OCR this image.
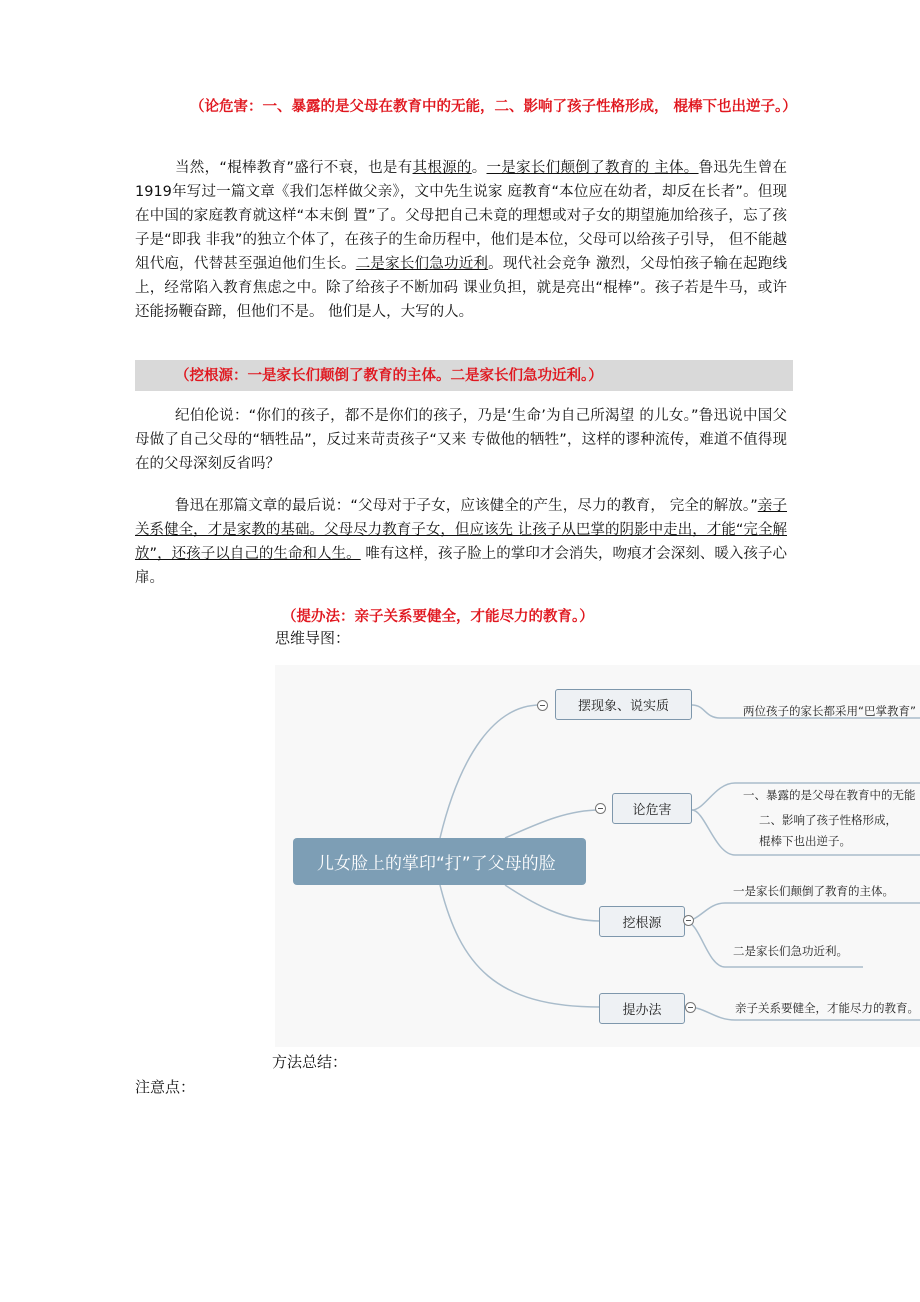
（论危害：一、暴露的是父母在教育中的无能，二、影响了孩子性格形成， 棍棒下也出逆子。）

当然，“棍棒教育”盛行不衰，也是有其根源的。一是家长们颠倒了教育的 主体。鲁迅先生曾在1919年写过一篇文章《我们怎样做父亲》，文中先生说家 庭教育“本位应在幼者，却反在长者”。但现在中国的家庭教育就这样“本末倒 置”了。父母把自己未竟的理想或对子女的期望施加给孩子，忘了孩子是“即我 非我”的独立个体了，在孩子的生命历程中，他们是本位，父母可以给孩子引导， 但不能越俎代庖，代替甚至强迫他们生长。二是家长们急功近利。现代社会竞争 激烈，父母怕孩子输在起跑线上，经常陷入教育焦虑之中。除了给孩子不断加码 课业负担，就是亮出“棍棒”。孩子若是牛马，或许还能扬鞭奋蹄，但他们不是。 他们是人，大写的人。

（挖根源：一是家长们颠倒了教育的主体。二是家长们急功近利。）

纪伯伦说：“你们的孩子，都不是你们的孩子，乃是‘生命’为自己所渴望 的儿女。”鲁迅说中国父母做了自己父母的“牺牲品”，反过来苛责孩子“又来 专做他的牺牲”，这样的谬种流传，难道不值得现在的父母深刻反省吗？

鲁迅在那篇文章的最后说：“父母对于子女，应该健全的产生，尽力的教育， 完全的解放。”亲子关系健全，才是家教的基础。父母尽力教育子女，但应该先 让孩子从巴掌的阴影中走出，才能“完全解放”，还孩子以自己的生命和人生。 唯有这样，孩子脸上的掌印才会消失，吻痕才会深刻、暖入孩子心扉。

（提办法：亲子关系要健全，才能尽力的教育。）

思维导图：
儿女脸上的掌印“打”了父母的脸
摆现象、说实质	两位孩子的家长都采用“巴掌教育”
论危害
一、暴露的是父母在教育中的无能
二、影响了孩子性格形成，
棍棒下也出逆子。
挖根源
一是家长们颠倒了教育的主体。
二是家长们急功近利。
提办法	亲子关系要健全，才能尽力的教育。
方法总结：
注意点：
